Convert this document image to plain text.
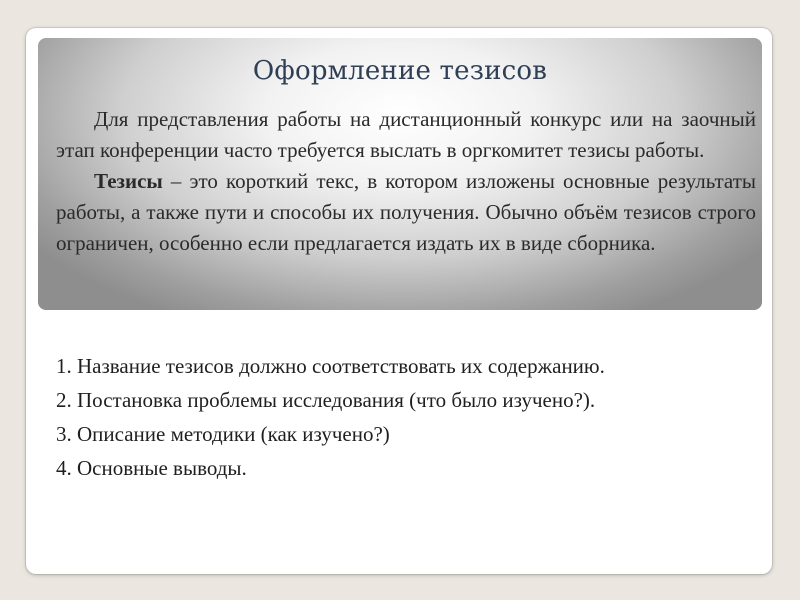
Оформление тезисов

Для представления работы на дистанционный конкурс или на заочный этап конференции часто требуется выслать в оргкомитет тезисы работы.

Тезисы – это короткий текс, в котором изложены основные результаты работы, а также пути и способы их получения. Обычно объём тезисов строго ограничен, особенно если предлагается издать их в виде сборника.

1. Название тезисов должно соответствовать их содержанию.
2. Постановка проблемы исследования (что было изучено?).
3. Описание методики (как изучено?)
4. Основные выводы.
